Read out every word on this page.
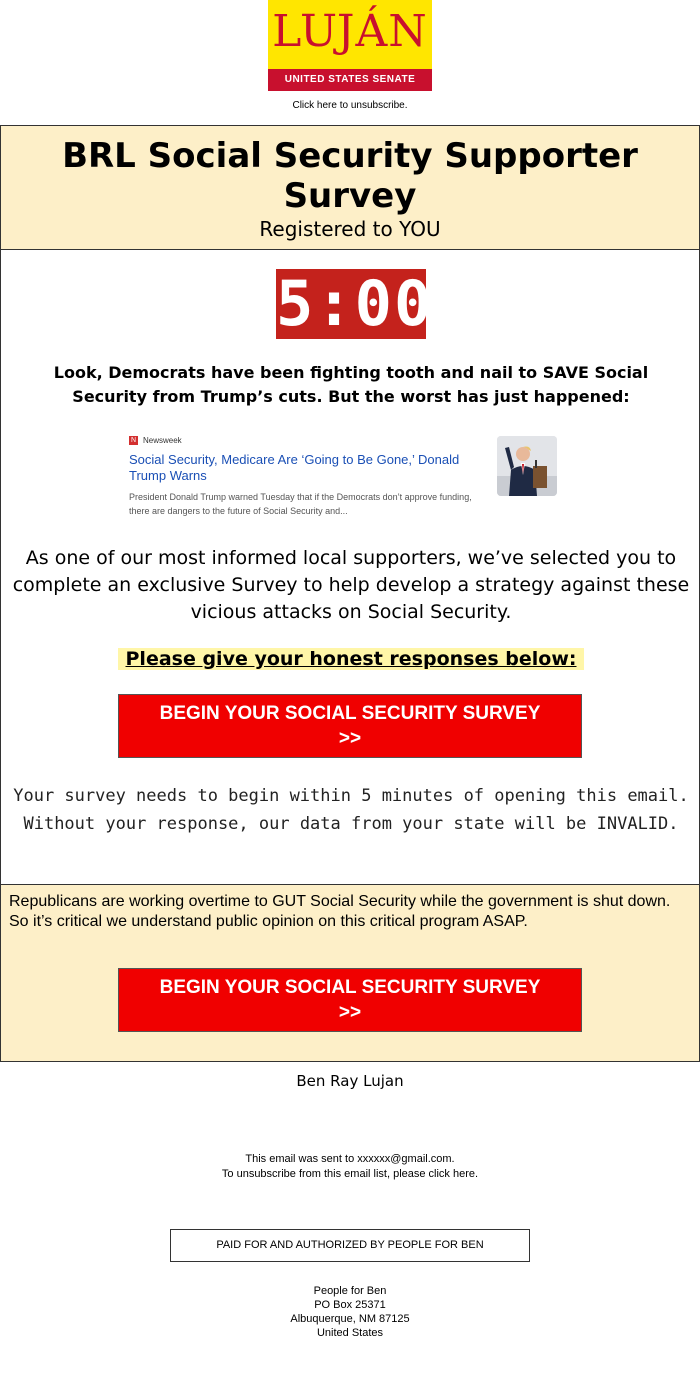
LUJÁN
UNITED STATES SENATE
Click here to unsubscribe.
BRL Social Security Supporter Survey
Registered to YOU
5:00
Look, Democrats have been fighting tooth and nail to SAVE Social Security from Trump’s cuts. But the worst has just happened:
N Newsweek
Social Security, Medicare Are ‘Going to Be Gone,’ Donald Trump Warns
President Donald Trump warned Tuesday that if the Democrats don’t approve funding, there are dangers to the future of Social Security and...
As one of our most informed local supporters, we’ve selected you to complete an exclusive Survey to help develop a strategy against these vicious attacks on Social Security.
Please give your honest responses below:
BEGIN YOUR SOCIAL SECURITY SURVEY >>
Your survey needs to begin within 5 minutes of opening this email. Without your response, our data from your state will be INVALID.
Republicans are working overtime to GUT Social Security while the government is shut down. So it’s critical we understand public opinion on this critical program ASAP.
BEGIN YOUR SOCIAL SECURITY SURVEY >>
Ben Ray Lujan
This email was sent to xxxxxx@gmail.com.
To unsubscribe from this email list, please click here.
PAID FOR AND AUTHORIZED BY PEOPLE FOR BEN
People for Ben
PO Box 25371
Albuquerque, NM 87125
United States
